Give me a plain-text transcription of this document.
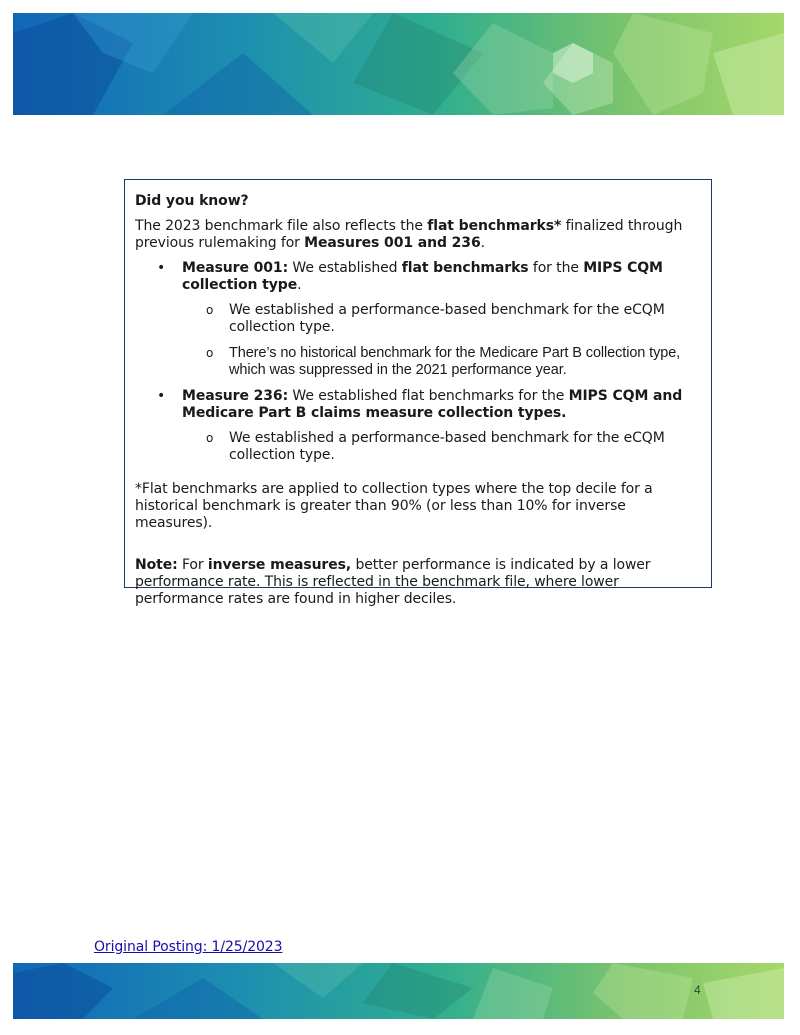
Did you know?

The 2023 benchmark file also reflects the flat benchmarks* finalized through previous rulemaking for Measures 001 and 236.

• Measure 001: We established flat benchmarks for the MIPS CQM collection type.
o We established a performance-based benchmark for the eCQM collection type.
o There’s no historical benchmark for the Medicare Part B collection type, which was suppressed in the 2021 performance year.
• Measure 236: We established flat benchmarks for the MIPS CQM and Medicare Part B claims measure collection types.
o We established a performance-based benchmark for the eCQM collection type.

*Flat benchmarks are applied to collection types where the top decile for a historical benchmark is greater than 90% (or less than 10% for inverse measures).

Note: For inverse measures, better performance is indicated by a lower performance rate. This is reflected in the benchmark file, where lower performance rates are found in higher deciles.

Original Posting: 1/25/2023
4
